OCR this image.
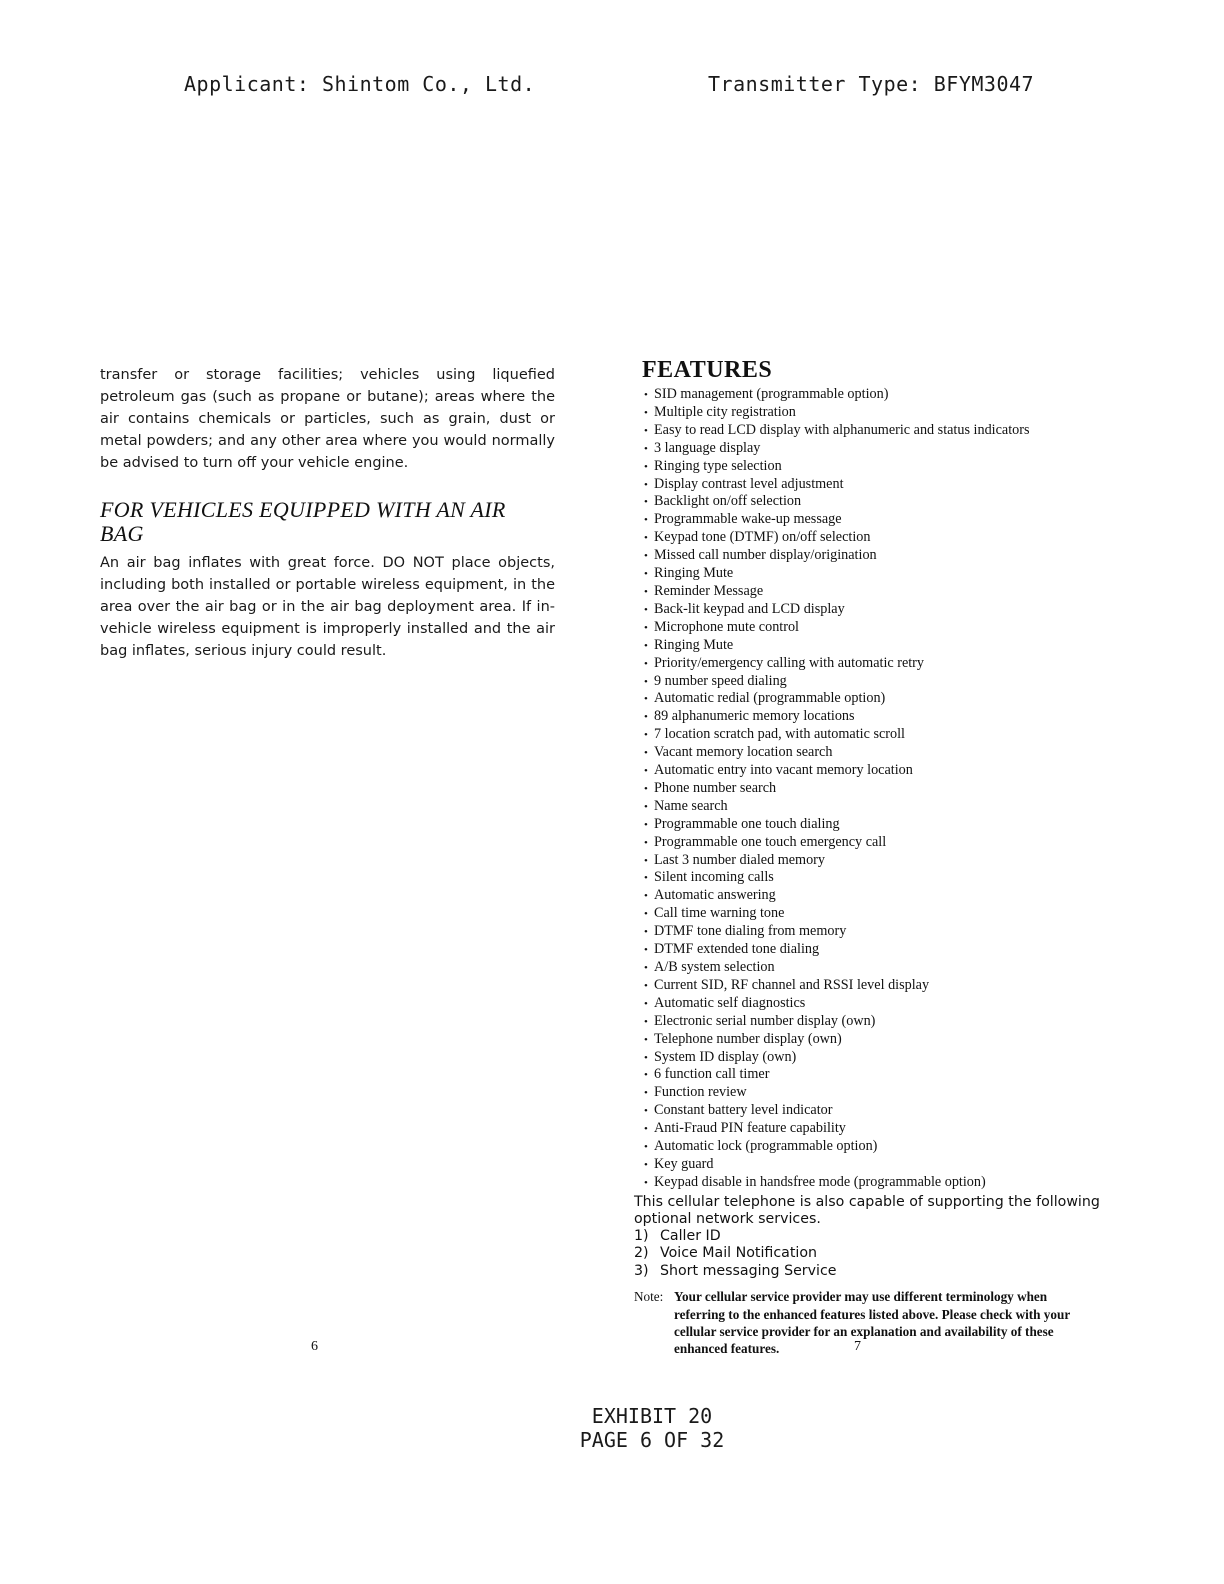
Applicant: Shintom Co., Ltd.	Transmitter Type: BFYM3047

transfer or storage facilities; vehicles using liquefied petroleum gas (such as propane or butane); areas where the air contains chemicals or particles, such as grain, dust or metal powders; and any other area where you would normally be advised to turn off your vehicle engine.

FOR VEHICLES EQUIPPED WITH AN AIR BAG

An air bag inflates with great force. DO NOT place objects, including both installed or portable wireless equipment, in the area over the air bag or in the air bag deployment area. If in-vehicle wireless equipment is improperly installed and the air bag inflates, serious injury could result.

FEATURES
• SID management (programmable option)
• Multiple city registration
• Easy to read LCD display with alphanumeric and status indicators
• 3 language display
• Ringing type selection
• Display contrast level adjustment
• Backlight on/off selection
• Programmable wake-up message
• Keypad tone (DTMF) on/off selection
• Missed call number display/origination
• Ringing Mute
• Reminder Message
• Back-lit keypad and LCD display
• Microphone mute control
• Ringing Mute
• Priority/emergency calling with automatic retry
• 9 number speed dialing
• Automatic redial (programmable option)
• 89 alphanumeric memory locations
• 7 location scratch pad, with automatic scroll
• Vacant memory location search
• Automatic entry into vacant memory location
• Phone number search
• Name search
• Programmable one touch dialing
• Programmable one touch emergency call
• Last 3 number dialed memory
• Silent incoming calls
• Automatic answering
• Call time warning tone
• DTMF tone dialing from memory
• DTMF extended tone dialing
• A/B system selection
• Current SID, RF channel and RSSI level display
• Automatic self diagnostics
• Electronic serial number display (own)
• Telephone number display (own)
• System ID display (own)
• 6 function call timer
• Function review
• Constant battery level indicator
• Anti-Fraud PIN feature capability
• Automatic lock (programmable option)
• Key guard
• Keypad disable in handsfree mode (programmable option)
This cellular telephone is also capable of supporting the following optional network services.
1) Caller ID
2) Voice Mail Notification
3) Short messaging Service
Note: Your cellular service provider may use different terminology when referring to the enhanced features listed above. Please check with your cellular service provider for an explanation and availability of these enhanced features.
6	7
EXHIBIT 20
PAGE 6 OF 32
